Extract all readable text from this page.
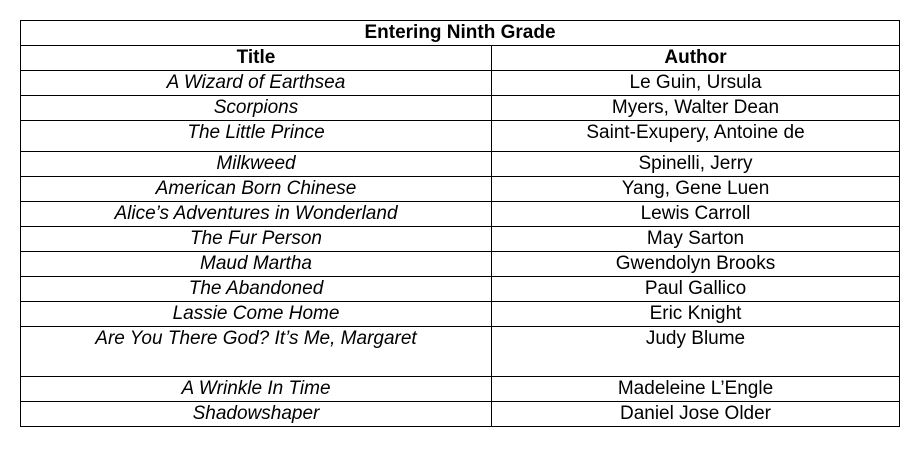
Entering Ninth Grade	
Title	Author
A Wizard of Earthsea	Le Guin, Ursula
Scorpions	Myers, Walter Dean
The Little Prince	Saint-Exupery, Antoine de
Milkweed	Spinelli, Jerry
American Born Chinese	Yang, Gene Luen
Alice’s Adventures in Wonderland	Lewis Carroll
The Fur Person	May Sarton
Maud Martha	Gwendolyn Brooks
The Abandoned	Paul Gallico
Lassie Come Home	Eric Knight
Are You There God? It’s Me, Margaret	Judy Blume
A Wrinkle In Time	Madeleine L’Engle
Shadowshaper	Daniel Jose Older
